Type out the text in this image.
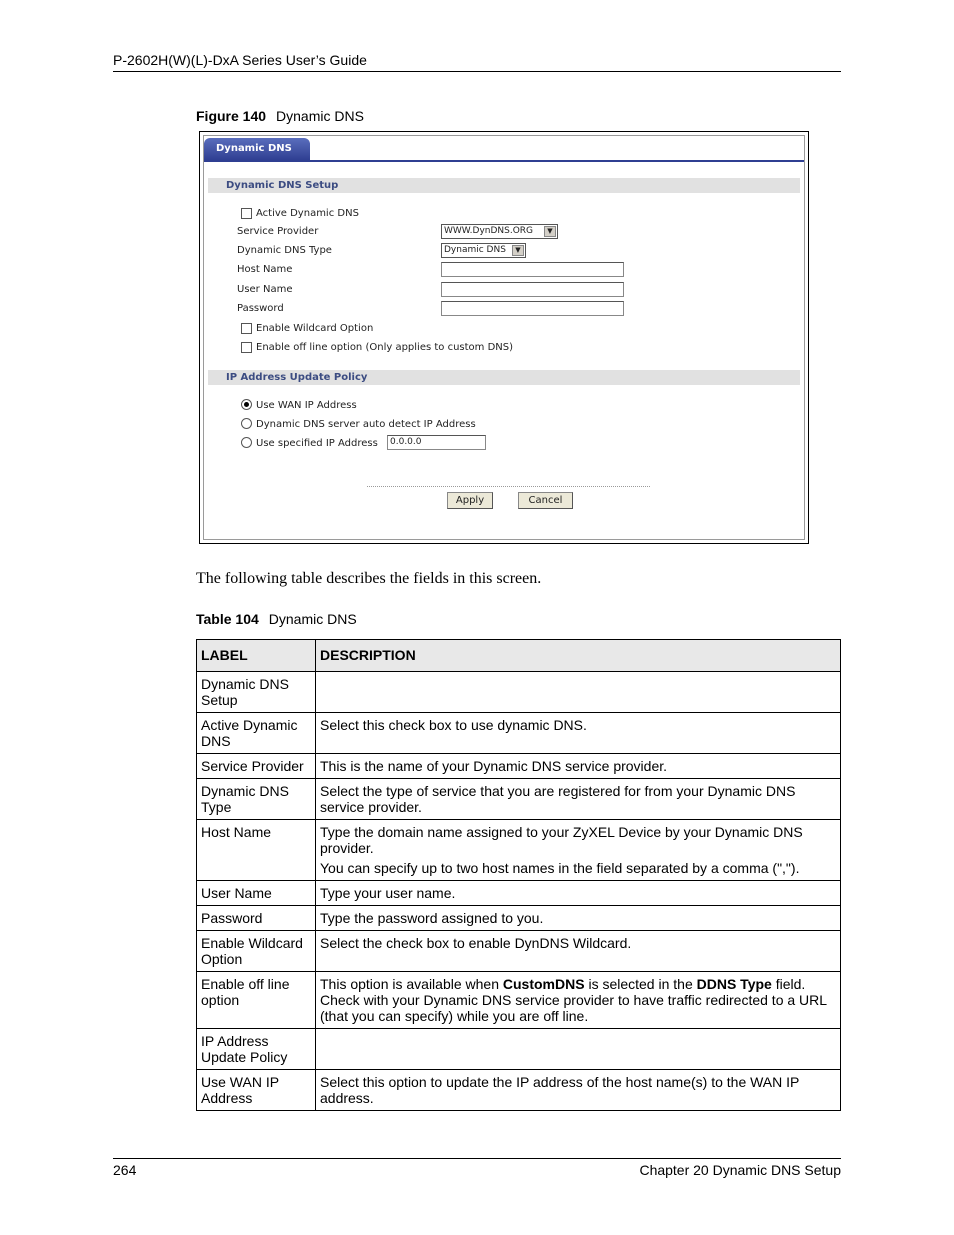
P-2602H(W)(L)-DxA Series User’s Guide
Figure 140 Dynamic DNS
Dynamic DNS
Dynamic DNS Setup
Active Dynamic DNS
Service Provider	WWW.DynDNS.ORG	▼
Dynamic DNS Type	Dynamic DNS	▼
Host Name
User Name
Password
Enable Wildcard Option
Enable off line option (Only applies to custom DNS)
IP Address Update Policy
Use WAN IP Address
Dynamic DNS server auto detect IP Address
Use specified IP Address	0.0.0.0
Apply	Cancel
The following table describes the fields in this screen.
Table 104 Dynamic DNS
LABEL	DESCRIPTION
Dynamic DNS Setup	
Active Dynamic DNS	Select this check box to use dynamic DNS.
Service Provider	This is the name of your Dynamic DNS service provider.
Dynamic DNS Type	Select the type of service that you are registered for from your Dynamic DNS service provider.
Host Name	Type the domain name assigned to your ZyXEL Device by your Dynamic DNS provider.

You can specify up to two host names in the field separated by a comma (",").

User Name	Type your user name.
Password	Type the password assigned to you.
Enable Wildcard Option	Select the check box to enable DynDNS Wildcard.
Enable off line option	This option is available when CustomDNS is selected in the DDNS Type field. Check with your Dynamic DNS service provider to have traffic redirected to a URL (that you can specify) while you are off line.
IP Address Update Policy	
Use WAN IP Address	Select this option to update the IP address of the host name(s) to the WAN IP address.
264	Chapter 20 Dynamic DNS Setup
